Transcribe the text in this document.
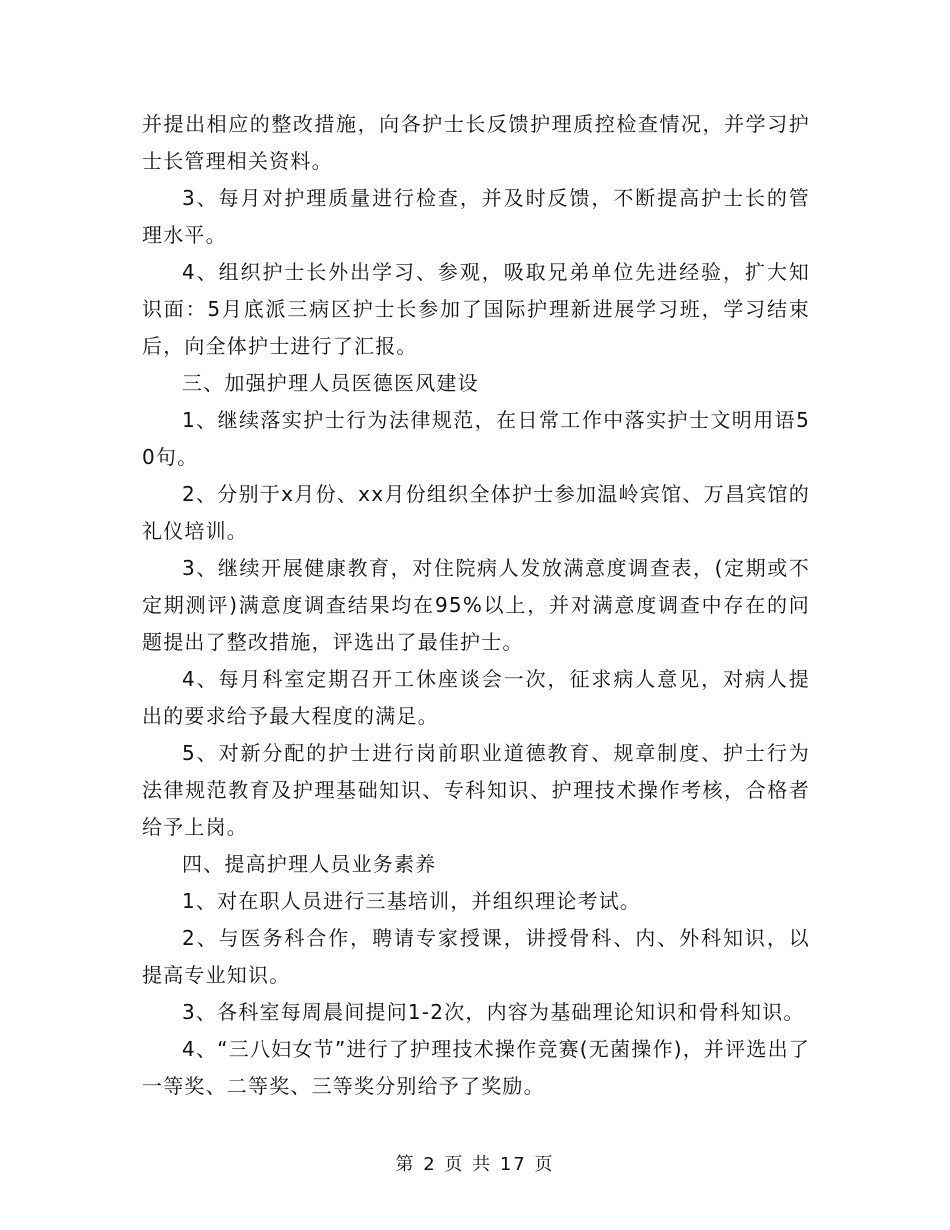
并提出相应的整改措施，向各护士长反馈护理质控检查情况，并学习护士长管理相关资料。

3、每月对护理质量进行检查，并及时反馈，不断提高护士长的管理水平。

4、组织护士长外出学习、参观，吸取兄弟单位先进经验，扩大知识面：5月底派三病区护士长参加了国际护理新进展学习班，学习结束后，向全体护士进行了汇报。

三、加强护理人员医德医风建设

1、继续落实护士行为法律规范，在日常工作中落实护士文明用语50句。

2、分别于x月份、xx月份组织全体护士参加温岭宾馆、万昌宾馆的礼仪培训。

3、继续开展健康教育，对住院病人发放满意度调查表，(定期或不定期测评)满意度调查结果均在95%以上，并对满意度调查中存在的问题提出了整改措施，评选出了最佳护士。

4、每月科室定期召开工休座谈会一次，征求病人意见，对病人提出的要求给予最大程度的满足。

5、对新分配的护士进行岗前职业道德教育、规章制度、护士行为法律规范教育及护理基础知识、专科知识、护理技术操作考核，合格者给予上岗。

四、提高护理人员业务素养

1、对在职人员进行三基培训，并组织理论考试。

2、与医务科合作，聘请专家授课，讲授骨科、内、外科知识，以提高专业知识。

3、各科室每周晨间提问1-2次，内容为基础理论知识和骨科知识。

4、“三八妇女节”进行了护理技术操作竞赛(无菌操作)，并评选出了一等奖、二等奖、三等奖分别给予了奖励。

第 2 页 共 17 页
